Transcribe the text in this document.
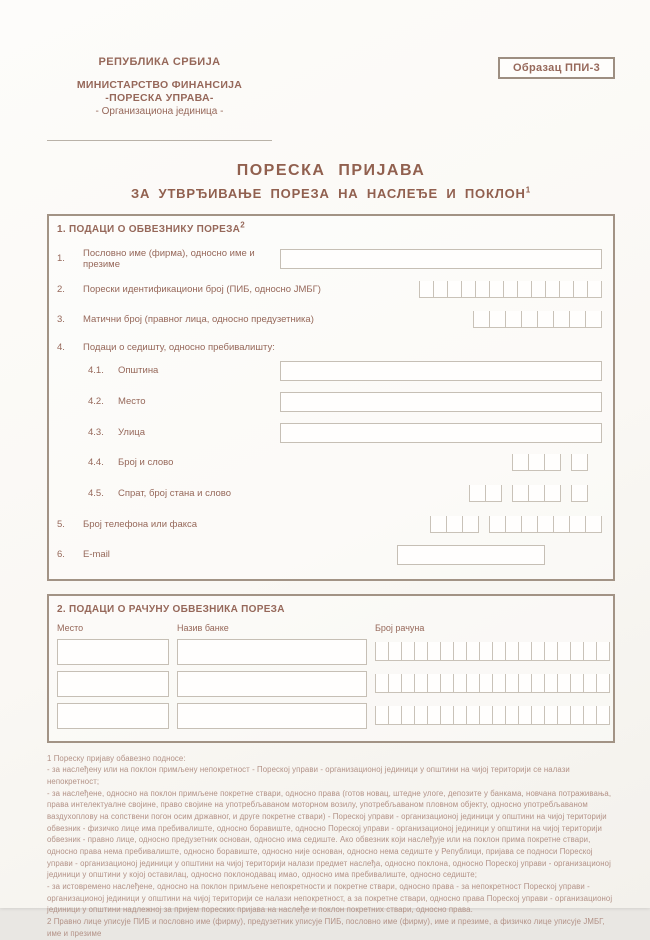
РЕПУБЛИКА СРБИЈА
МИНИСТАРСТВО ФИНАНСИЈА
-ПОРЕСКА УПРАВА-
- Организациона јединица -
Образац ППИ-3
ПОРЕСКА ПРИЈАВА
ЗА УТВРЂИВАЊЕ ПОРЕЗА НА НАСЛЕЂЕ И ПОКЛОН$^1$
1. ПОДАЦИ О ОБВЕЗНИКУ ПОРЕЗА$^2$
1.	Пословно име (фирма), односно име и презиме
2.	Порески идентификациони број (ПИБ, односно ЈМБГ)
3.	Матични број (правног лица, односно предузетника)
4.	Подаци о седишту, односно пребивалишту:
4.1.	Општина
4.2.	Место
4.3.	Улица
4.4.	Број и слово
4.5.	Спрат, број стана и слово
5.	Број телефона или факса
6.	E-mail
2. ПОДАЦИ О РАЧУНУ ОБВЕЗНИКА ПОРЕЗА
Место	Назив банке	Број рачуна
1 Пореску пријаву обавезно подносе:
- за наслеђену или на поклон примљену непокретност - Пореској управи - организационој јединици у општини на чијој територији се налази непокретност;
- за наслеђене, односно на поклон примљене покретне ствари, односно права (готов новац, штедне улоге, депозите у банкама, новчана потраживања, права интелектуалне својине, право својине на употребљаваном моторном возилу, употребљаваном пловном објекту, односно употребљаваном ваздухоплову на сопствени погон осим државног, и друге покретне ствари) - Пореској управи - организационој јединици у општини на чијој територији обвезник - физичко лице има пребивалиште, односно боравиште, односно Пореској управи - организационој јединици у општини на чијој територији обвезник - правно лице, односно предузетник основан, односно има седиште. Ако обвезник који наслеђује или на поклон прима покретне ствари, односно права нема пребивалиште, односно боравиште, односно није основан, односно нема седиште у Републици, пријава се подноси Пореској управи - организационој јединици у општини на чијој територији налази предмет наслеђа, односно поклона, односно Пореској управи - организационој јединици у општини у којој оставилац, односно поклонодавац имао, односно има пребивалиште, односно седиште;
- за истовремено наслеђене, односно на поклон примљене непокретности и покретне ствари, односно права - за непокретност Пореској управи - организационој јединици у општини на чијој територији се налази непокретност, а за покретне ствари, односно права Пореској управи - организационој јединици у општини надлежној за пријем пореских пријава на наслеђе и поклон покретних ствари, односно права.
2 Правно лице уписује ПИБ и пословно име (фирму), предузетник уписује ПИБ, пословно име (фирму), име и презиме, а физичко лице уписује ЈМБГ, име и презиме
